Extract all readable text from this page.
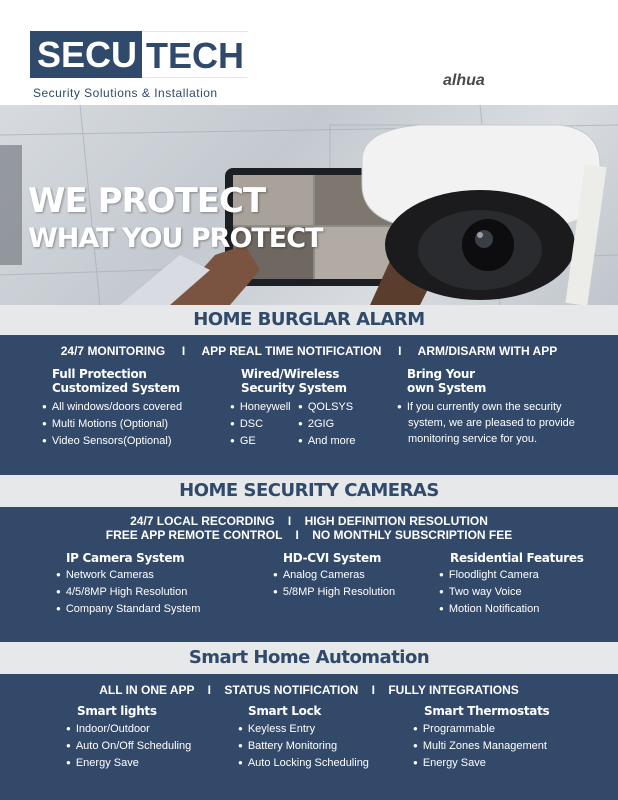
SECU TECH
Security Solutions & Installation
alhua
WE PROTECT
WHAT YOU PROTECT
HOME BURGLAR ALARM
24/7 MONITORING     I     APP REAL TIME NOTIFICATION     I     ARM/DISARM WITH APP
Full Protection
Customized System
● All windows/doors covered
● Multi Motions (Optional)
● Video Sensors(Optional)
Wired/Wireless
Security System
● Honeywell
● DSC
● GE
● QOLSYS
● 2GIG
● And more
Bring Your
own System
● If you currently own the security
system, we are pleased to provide
monitoring service for you.
HOME SECURITY CAMERAS
24/7 LOCAL RECORDING    I    HIGH DEFINITION RESOLUTION
FREE APP REMOTE CONTROL    I    NO MONTHLY SUBSCRIPTION FEE
IP Camera System
● Network Cameras
● 4/5/8MP High Resolution
● Company Standard System
HD-CVI System
● Analog Cameras
● 5/8MP High Resolution
Residential Features
● Floodlight Camera
● Two way Voice
● Motion Notification
Smart Home Automation
ALL IN ONE APP    I    STATUS NOTIFICATION    I    FULLY INTEGRATIONS
Smart lights
● Indoor/Outdoor
● Auto On/Off Scheduling
● Energy Save
Smart Lock
● Keyless Entry
● Battery Monitoring
● Auto Locking Scheduling
Smart Thermostats
● Programmable
● Multi Zones Management
● Energy Save
